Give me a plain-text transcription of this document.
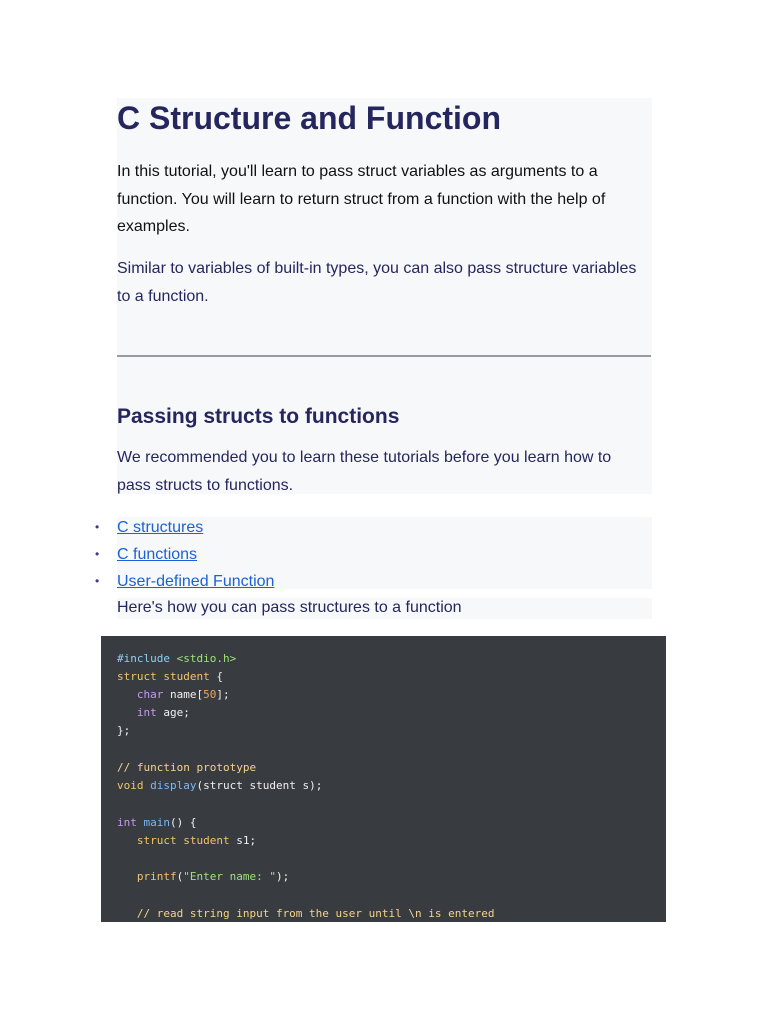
C Structure and Function

In this tutorial, you'll learn to pass struct variables as arguments to a function. You will learn to return struct from a function with the help of examples.

Similar to variables of built-in types, you can also pass structure variables to a function.

Passing structs to functions

We recommended you to learn these tutorials before you learn how to pass structs to functions.

• C structures
• C functions
• User-defined Function

Here's how you can pass structures to a function

#include <stdio.h>
struct student {
char name[50];
int age;
};
// function prototype
void display(struct student s);
int main() {
struct student s1;
printf("Enter name: ");
// read string input from the user until \n is entered
